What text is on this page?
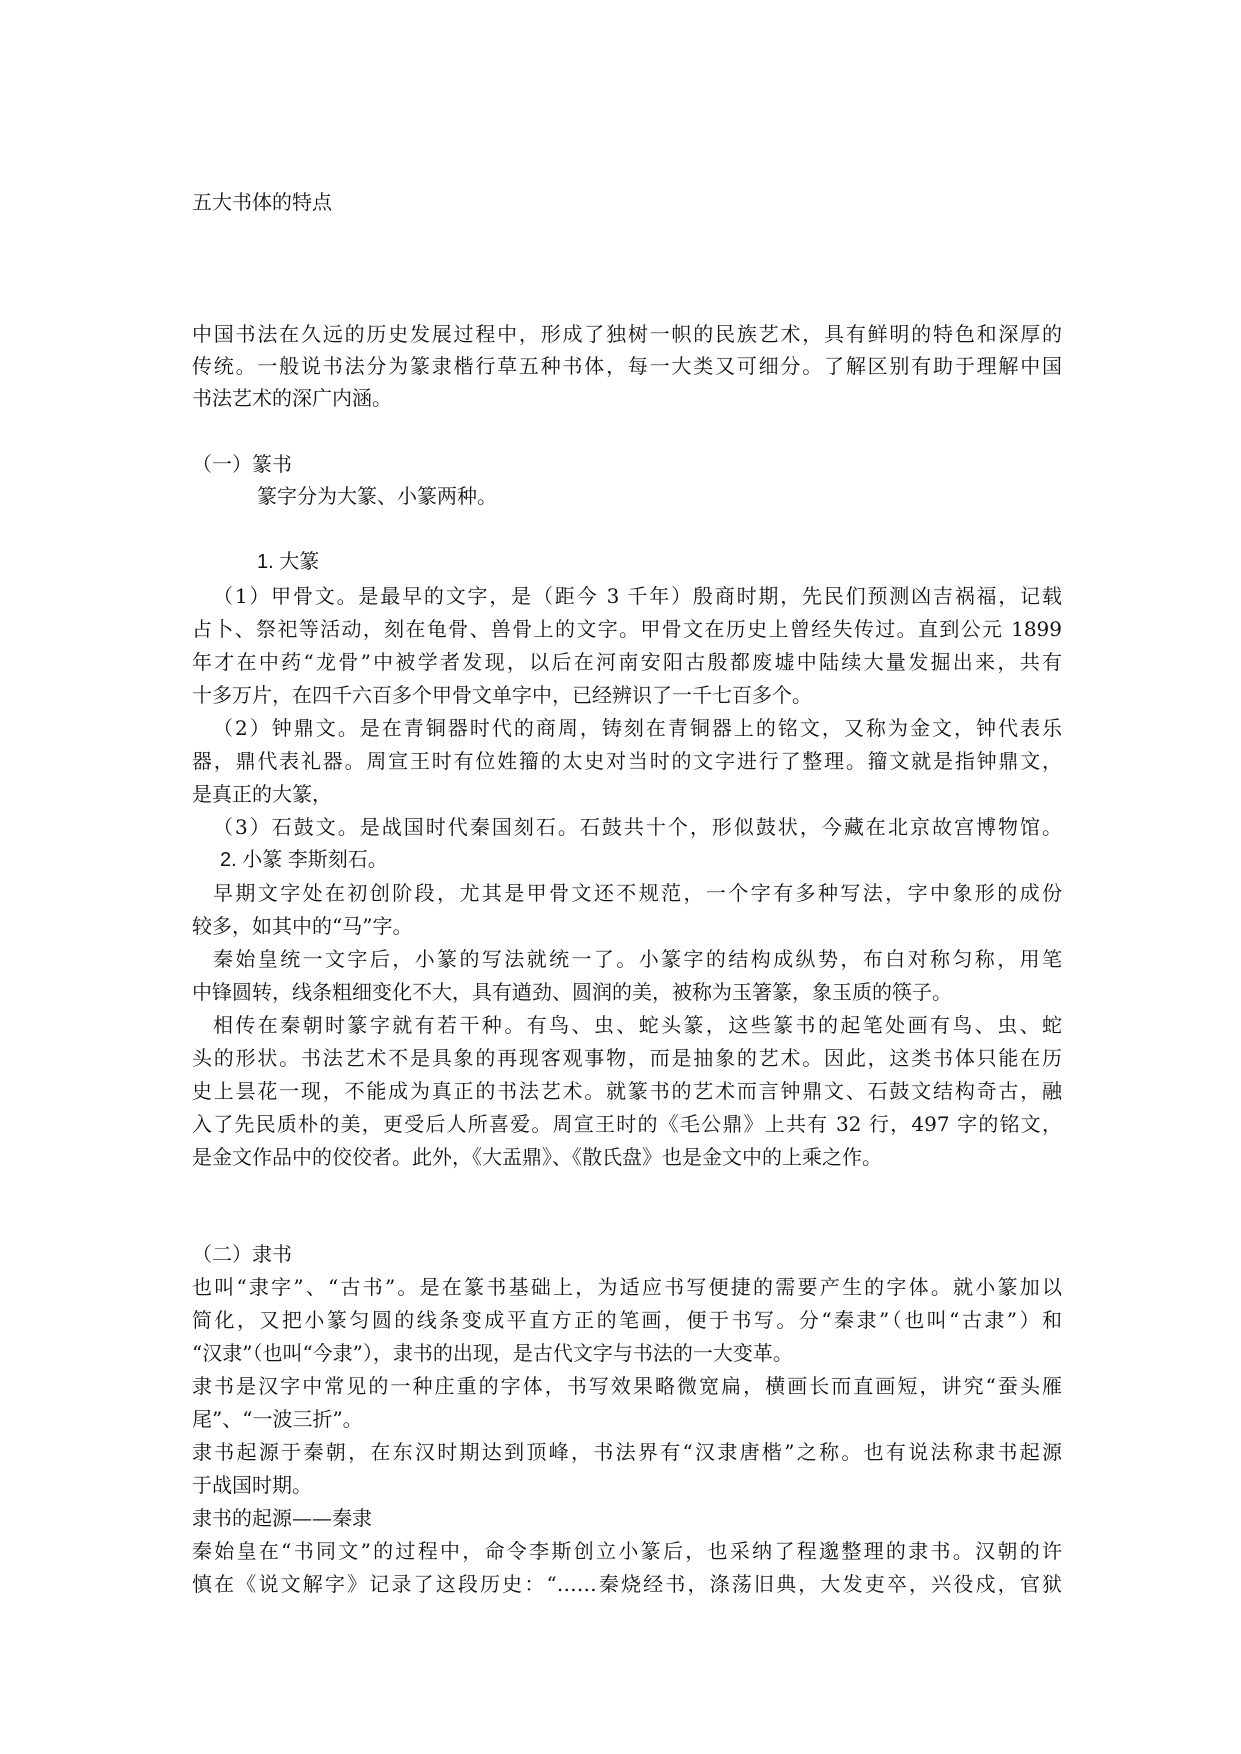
五大书体的特点
中国书法在久远的历史发展过程中，形成了独树一帜的民族艺术，具有鲜明的特色和深厚的
传统。一般说书法分为篆隶楷行草五种书体，每一大类又可细分。了解区别有助于理解中国
书法艺术的深广内涵。
（一）篆书
篆字分为大篆、小篆两种。
1. 大篆
（1）甲骨文。是最早的文字，是（距今 3 千年）殷商时期，先民们预测凶吉祸福，记载
占卜、祭祀等活动，刻在龟骨、兽骨上的文字。甲骨文在历史上曾经失传过。直到公元 1899
年才在中药“龙骨”中被学者发现，以后在河南安阳古殷都废墟中陆续大量发掘出来，共有
十多万片，在四千六百多个甲骨文单字中，已经辨识了一千七百多个。
（2）钟鼎文。是在青铜器时代的商周，铸刻在青铜器上的铭文，又称为金文，钟代表乐
器，鼎代表礼器。周宣王时有位姓籀的太史对当时的文字进行了整理。籀文就是指钟鼎文，
是真正的大篆，
（3）石鼓文。是战国时代秦国刻石。石鼓共十个，形似鼓状，今藏在北京故宫博物馆。
2. 小篆 李斯刻石。
早期文字处在初创阶段，尤其是甲骨文还不规范，一个字有多种写法，字中象形的成份
较多，如其中的“马”字。
秦始皇统一文字后，小篆的写法就统一了。小篆字的结构成纵势，布白对称匀称，用笔
中锋圆转，线条粗细变化不大，具有遒劲、圆润的美，被称为玉箸篆，象玉质的筷子。
相传在秦朝时篆字就有若干种。有鸟、虫、蛇头篆，这些篆书的起笔处画有鸟、虫、蛇
头的形状。书法艺术不是具象的再现客观事物，而是抽象的艺术。因此，这类书体只能在历
史上昙花一现，不能成为真正的书法艺术。就篆书的艺术而言钟鼎文、石鼓文结构奇古，融
入了先民质朴的美，更受后人所喜爱。周宣王时的《毛公鼎》上共有 32 行，497 字的铭文，
是金文作品中的佼佼者。此外，《大盂鼎》、《散氏盘》也是金文中的上乘之作。
（二）隶书
也叫“隶字”、“古书”。是在篆书基础上，为适应书写便捷的需要产生的字体。就小篆加以
简化，又把小篆匀圆的线条变成平直方正的笔画，便于书写。分“秦隶”（也叫“古隶”）和
“汉隶”（也叫“今隶”），隶书的出现，是古代文字与书法的一大变革。
隶书是汉字中常见的一种庄重的字体，书写效果略微宽扁，横画长而直画短，讲究“蚕头雁
尾”、“一波三折”。
隶书起源于秦朝，在东汉时期达到顶峰，书法界有“汉隶唐楷”之称。也有说法称隶书起源
于战国时期。
隶书的起源——秦隶
秦始皇在“书同文”的过程中，命令李斯创立小篆后，也采纳了程邈整理的隶书。汉朝的许
慎在《说文解字》记录了这段历史：“……秦烧经书，涤荡旧典，大发吏卒，兴役戍，官狱
